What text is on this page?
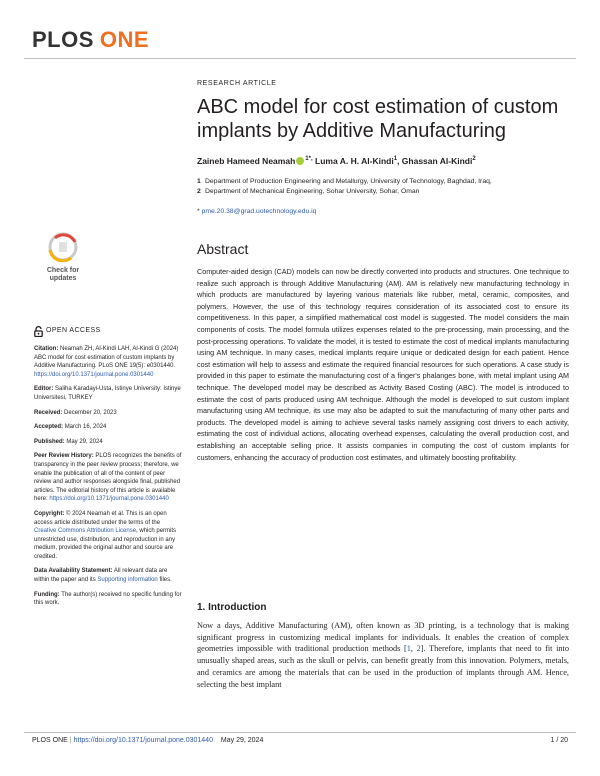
PLOS ONE
RESEARCH ARTICLE
ABC model for cost estimation of custom implants by Additive Manufacturing
Zaineb Hameed Neamah $^{1*,}$ Luma A. H. Al-Kindi$^1$, Ghassan Al-Kindi$^2$
1 Department of Production Engineering and Metallurgy, University of Technology, Baghdad, Iraq,
2 Department of Mechanical Engineering, Sohar University, Sohar, Oman
* pme.20.38@grad.uotechnology.edu.iq
Check for
updates
OPEN ACCESS

Citation: Neamah ZH, Al-Kindi LAH, Al-Kindi G (2024) ABC model for cost estimation of custom implants by Additive Manufacturing. PLoS ONE 19(5): e0301440. https://doi.org/10.1371/journal.pone.0301440

Editor: Saliha Karadayi-Usta, Istinye University: Istinye Universitesi, TURKEY

Received: December 20, 2023

Accepted: March 16, 2024

Published: May 29, 2024

Peer Review History: PLOS recognizes the benefits of transparency in the peer review process; therefore, we enable the publication of all of the content of peer review and author responses alongside final, published articles. The editorial history of this article is available here: https://doi.org/10.1371/journal.pone.0301440

Copyright: © 2024 Neamah et al. This is an open access article distributed under the terms of the Creative Commons Attribution License, which permits unrestricted use, distribution, and reproduction in any medium, provided the original author and source are credited.

Data Availability Statement: All relevant data are within the paper and its Supporting information files.

Funding: The author(s) received no specific funding for this work.

Abstract

Computer-aided design (CAD) models can now be directly converted into products and structures. One technique to realize such approach is through Additive Manufacturing (AM). AM is relatively new manufacturing technology in which products are manufactured by layering various materials like rubber, metal, ceramic, composites, and polymers. However, the use of this technology requires consideration of its associated cost to ensure its competitiveness. In this paper, a simplified mathematical cost model is suggested. The model considers the main components of costs. The model formula utilizes expenses related to the pre-processing, main processing, and the post-processing operations. To validate the model, it is tested to estimate the cost of medical implants manufacturing using AM technique. In many cases, medical implants require unique or dedicated design for each patient. Hence cost estimation will help to assess and estimate the required financial resources for such operations. A case study is provided in this paper to estimate the manufacturing cost of a finger's phalanges bone, with metal implant using AM technique. The developed model may be described as Activity Based Costing (ABC). The model is introduced to estimate the cost of parts produced using AM technique. Although the model is developed to suit custom implant manufacturing using AM technique, its use may also be adapted to suit the manufacturing of many other parts and products. The developed model is aiming to achieve several tasks namely assigning cost drivers to each activity, estimating the cost of individual actions, allocating overhead expenses, calculating the overall production cost, and establishing an acceptable selling price. It assists companies in computing the cost of custom implants for customers, enhancing the accuracy of production cost estimates, and ultimately boosting profitability.

1. Introduction

Now a days, Additive Manufacturing (AM), often known as 3D printing, is a technology that is making significant progress in customizing medical implants for individuals. It enables the creation of complex geometries impossible with traditional production methods [1, 2]. Therefore, implants that need to fit into unusually shaped areas, such as the skull or pelvis, can benefit greatly from this innovation. Polymers, metals, and ceramics are among the materials that can be used in the production of implants through AM. Hence, selecting the best implant

PLOS ONE | https://doi.org/10.1371/journal.pone.0301440 May 29, 2024	1 / 20
